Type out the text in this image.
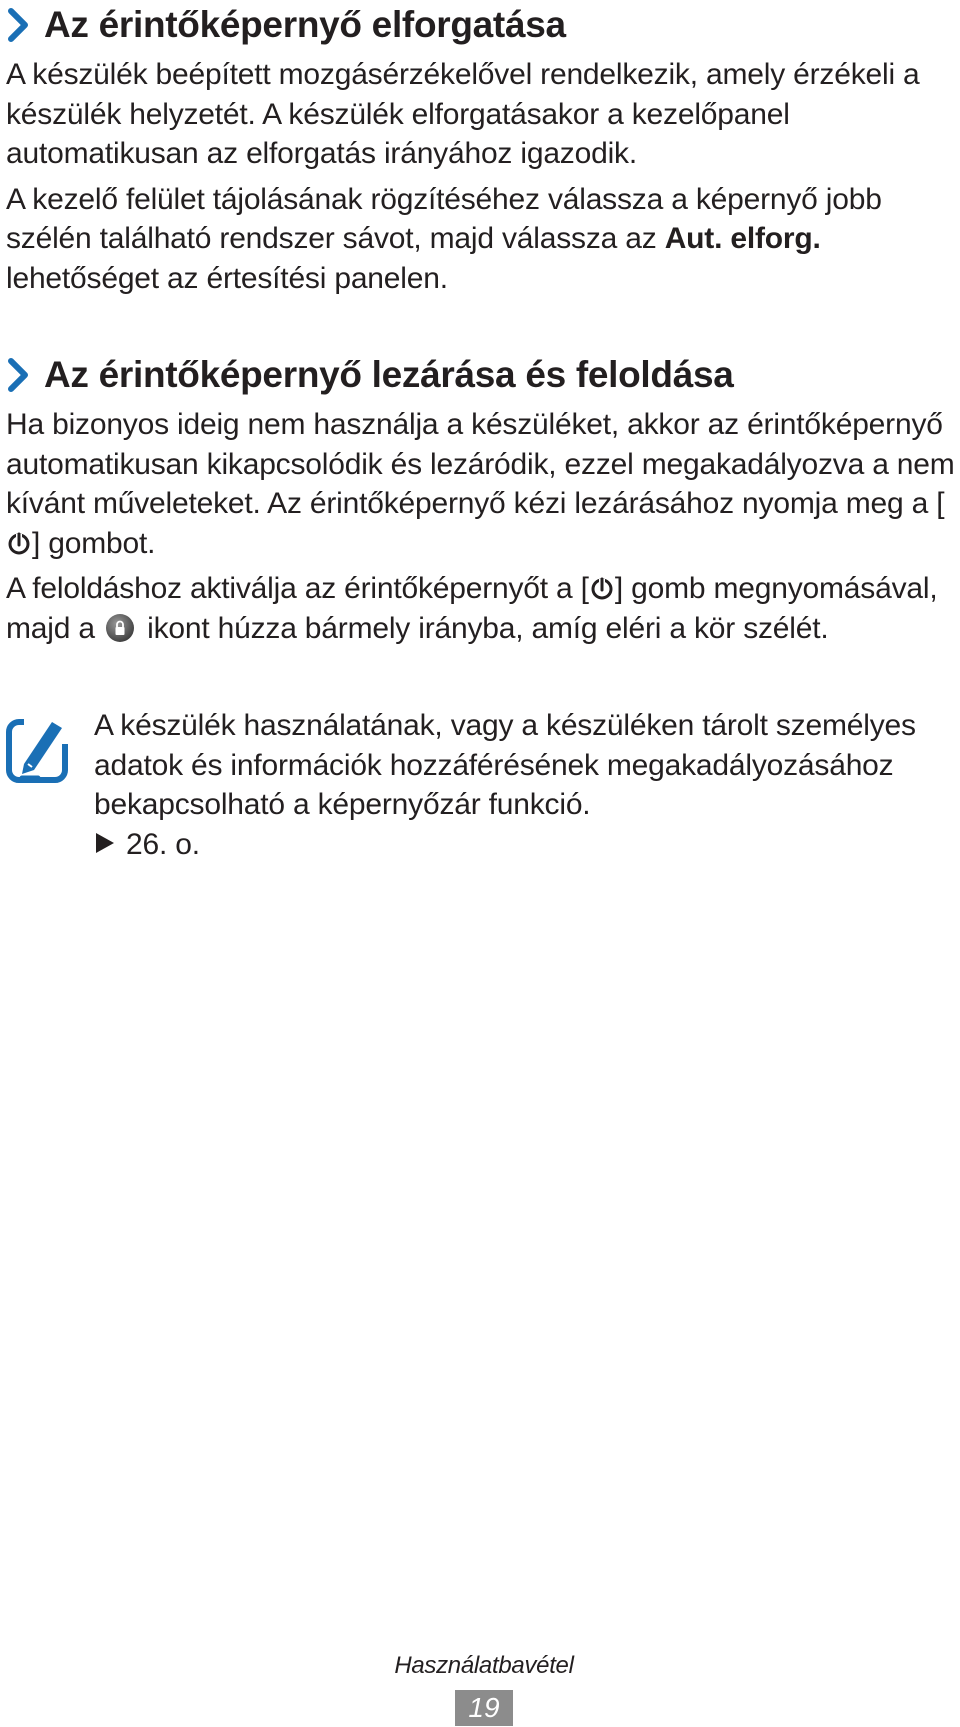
Az érintőképernyő elforgatása

A készülék beépített mozgásérzékelővel rendelkezik, amely érzékeli a készülék helyzetét. A készülék elforgatásakor a kezelőpanel automatikusan az elforgatás irányához igazodik.

A kezelő felület tájolásának rögzítéséhez válassza a képernyő jobb szélén található rendszer sávot, majd válassza az Aut. elforg. lehetőséget az értesítési panelen.

Az érintőképernyő lezárása és feloldása

Ha bizonyos ideig nem használja a készüléket, akkor az érintőképernyő automatikusan kikapcsolódik és lezáródik, ezzel megakadályozva a nem kívánt műveleteket. Az érintőképernyő kézi lezárásához nyomja meg a [] gombot.

A feloldáshoz aktiválja az érintőképernyőt a [ ] gomb megnyomásával, majd a  ikont húzza bármely irányba, amíg eléri a kör szélét.

A készülék használatának, vagy a készüléken tárolt személyes adatok és információk hozzáférésének megakadályozásához bekapcsolható a képernyőzár funkció.
26. o.

Használatbavétel
19
